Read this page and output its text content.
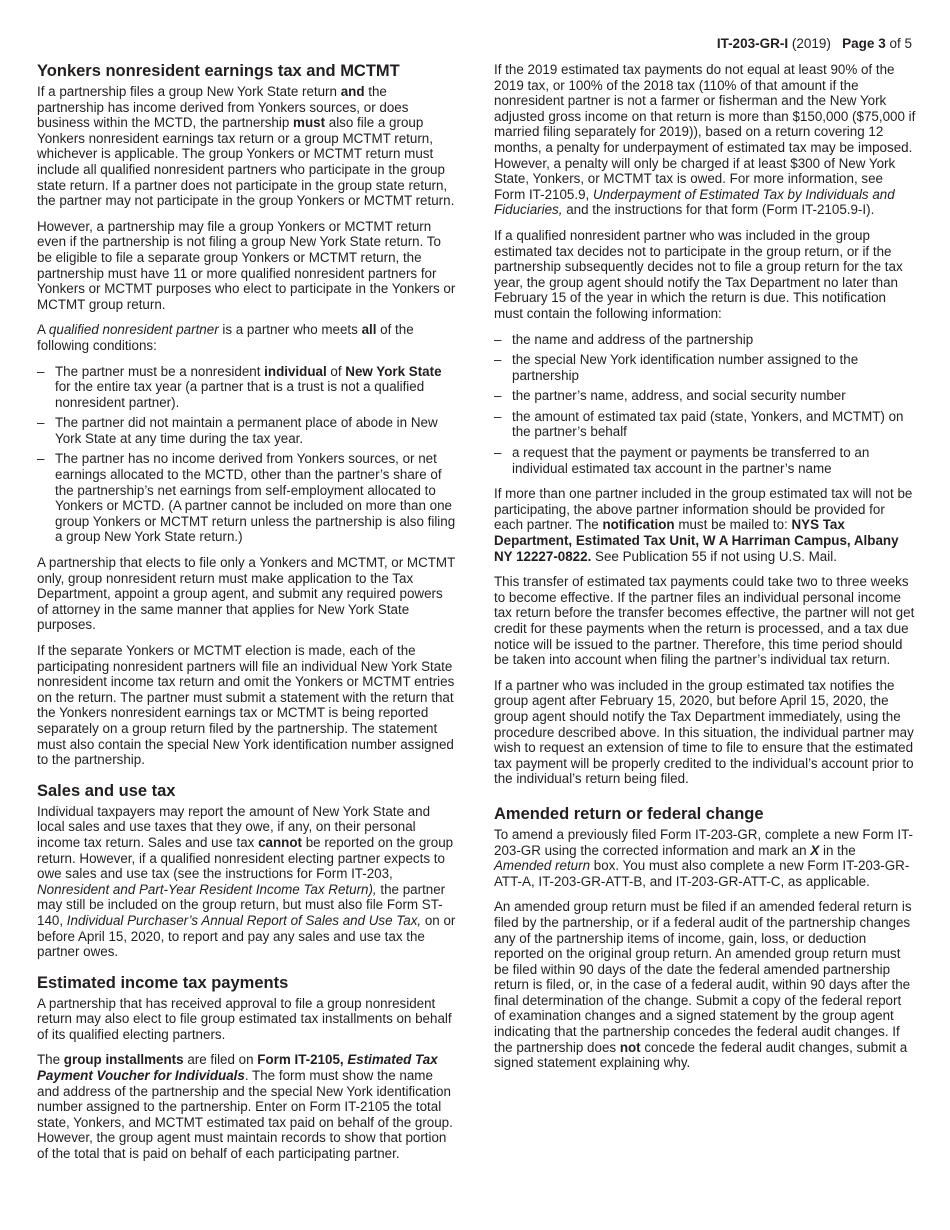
IT-203-GR-I (2019) Page 3 of 5
Yonkers nonresident earnings tax and MCTMT

If a partnership files a group New York State return and the partnership has income derived from Yonkers sources, or does business within the MCTD, the partnership must also file a group Yonkers nonresident earnings tax return or a group MCTMT return, whichever is applicable. The group Yonkers or MCTMT return must include all qualified nonresident partners who participate in the group state return. If a partner does not participate in the group state return, the partner may not participate in the group Yonkers or MCTMT return.

However, a partnership may file a group Yonkers or MCTMT return even if the partnership is not filing a group New York State return. To be eligible to file a separate group Yonkers or MCTMT return, the partnership must have 11 or more qualified nonresident partners for Yonkers or MCTMT purposes who elect to participate in the Yonkers or MCTMT group return.

A qualified nonresident partner is a partner who meets all of the following conditions:

– The partner must be a nonresident individual of New York State for the entire tax year (a partner that is a trust is not a qualified nonresident partner).
– The partner did not maintain a permanent place of abode in New York State at any time during the tax year.
– The partner has no income derived from Yonkers sources, or net earnings allocated to the MCTD, other than the partner’s share of the partnership’s net earnings from self-employment allocated to Yonkers or MCTD. (A partner cannot be included on more than one group Yonkers or MCTMT return unless the partnership is also filing a group New York State return.)

A partnership that elects to file only a Yonkers and MCTMT, or MCTMT only, group nonresident return must make application to the Tax Department, appoint a group agent, and submit any required powers of attorney in the same manner that applies for New York State purposes.

If the separate Yonkers or MCTMT election is made, each of the participating nonresident partners will file an individual New York State nonresident income tax return and omit the Yonkers or MCTMT entries on the return. The partner must submit a statement with the return that the Yonkers nonresident earnings tax or MCTMT is being reported separately on a group return filed by the partnership. The statement must also contain the special New York identification number assigned to the partnership.

Sales and use tax

Individual taxpayers may report the amount of New York State and local sales and use taxes that they owe, if any, on their personal income tax return. Sales and use tax cannot be reported on the group return. However, if a qualified nonresident electing partner expects to owe sales and use tax (see the instructions for Form IT-203, Nonresident and Part-Year Resident Income Tax Return), the partner may still be included on the group return, but must also file Form ST-140, Individual Purchaser’s Annual Report of Sales and Use Tax, on or before April 15, 2020, to report and pay any sales and use tax the partner owes.

Estimated income tax payments

A partnership that has received approval to file a group nonresident return may also elect to file group estimated tax installments on behalf of its qualified electing partners.

The group installments are filed on Form IT-2105, Estimated Tax Payment Voucher for Individuals. The form must show the name and address of the partnership and the special New York identification number assigned to the partnership. Enter on Form IT-2105 the total state, Yonkers, and MCTMT estimated tax paid on behalf of the group. However, the group agent must maintain records to show that portion of the total that is paid on behalf of each participating partner.

If the 2019 estimated tax payments do not equal at least 90% of the 2019 tax, or 100% of the 2018 tax (110% of that amount if the nonresident partner is not a farmer or fisherman and the New York adjusted gross income on that return is more than $150,000 ($75,000 if married filing separately for 2019)), based on a return covering 12 months, a penalty for underpayment of estimated tax may be imposed. However, a penalty will only be charged if at least $300 of New York State, Yonkers, or MCTMT tax is owed. For more information, see Form IT-2105.9, Underpayment of Estimated Tax by Individuals and Fiduciaries, and the instructions for that form (Form IT-2105.9-I).

If a qualified nonresident partner who was included in the group estimated tax decides not to participate in the group return, or if the partnership subsequently decides not to file a group return for the tax year, the group agent should notify the Tax Department no later than February 15 of the year in which the return is due. This notification must contain the following information:

– the name and address of the partnership
– the special New York identification number assigned to the partnership
– the partner’s name, address, and social security number
– the amount of estimated tax paid (state, Yonkers, and MCTMT) on the partner’s behalf
– a request that the payment or payments be transferred to an individual estimated tax account in the partner’s name

If more than one partner included in the group estimated tax will not be participating, the above partner information should be provided for each partner. The notification must be mailed to: NYS Tax Department, Estimated Tax Unit, W A Harriman Campus, Albany NY 12227-0822. See Publication 55 if not using U.S. Mail.

This transfer of estimated tax payments could take two to three weeks to become effective. If the partner files an individual personal income tax return before the transfer becomes effective, the partner will not get credit for these payments when the return is processed, and a tax due notice will be issued to the partner. Therefore, this time period should be taken into account when filing the partner’s individual tax return.

If a partner who was included in the group estimated tax notifies the group agent after February 15, 2020, but before April 15, 2020, the group agent should notify the Tax Department immediately, using the procedure described above. In this situation, the individual partner may wish to request an extension of time to file to ensure that the estimated tax payment will be properly credited to the individual’s account prior to the individual’s return being filed.

Amended return or federal change

To amend a previously filed Form IT-203-GR, complete a new Form IT-203-GR using the corrected information and mark an X in the Amended return box. You must also complete a new Form IT-203-GR-ATT-A, IT-203-GR-ATT-B, and IT-203-GR-ATT-C, as applicable.

An amended group return must be filed if an amended federal return is filed by the partnership, or if a federal audit of the partnership changes any of the partnership items of income, gain, loss, or deduction reported on the original group return. An amended group return must be filed within 90 days of the date the federal amended partnership return is filed, or, in the case of a federal audit, within 90 days after the final determination of the change. Submit a copy of the federal report of examination changes and a signed statement by the group agent indicating that the partnership concedes the federal audit changes. If the partnership does not concede the federal audit changes, submit a signed statement explaining why.
